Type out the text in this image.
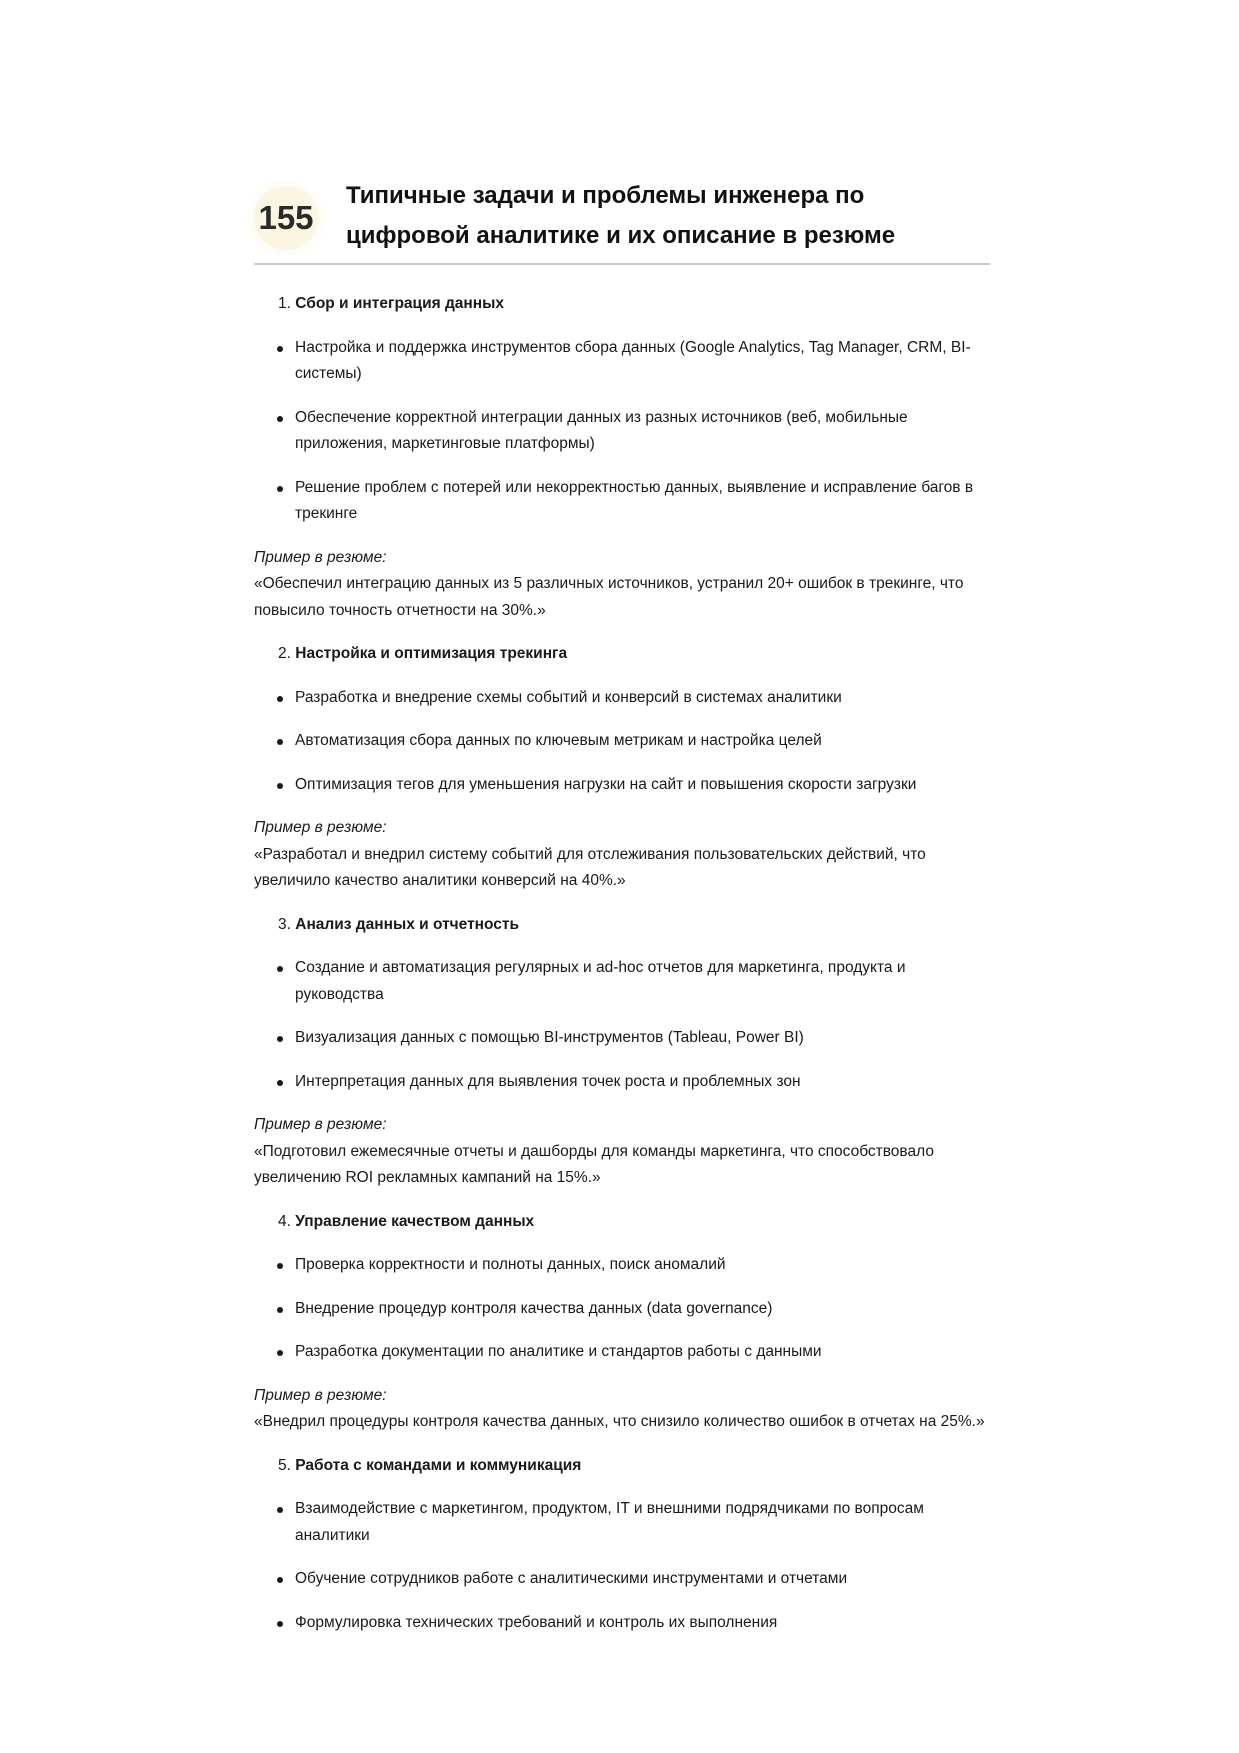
155
Типичные задачи и проблемы инженера по цифровой аналитике и их описание в резюме
1. Сбор и интеграция данных
Настройка и поддержка инструментов сбора данных (Google Analytics, Tag Manager, CRM, BI-системы)
Обеспечение корректной интеграции данных из разных источников (веб, мобильные приложения, маркетинговые платформы)
Решение проблем с потерей или некорректностью данных, выявление и исправление багов в трекинге
Пример в резюме:
«Обеспечил интеграцию данных из 5 различных источников, устранил 20+ ошибок в трекинге, что повысило точность отчетности на 30%.»
2. Настройка и оптимизация трекинга
Разработка и внедрение схемы событий и конверсий в системах аналитики
Автоматизация сбора данных по ключевым метрикам и настройка целей
Оптимизация тегов для уменьшения нагрузки на сайт и повышения скорости загрузки
Пример в резюме:
«Разработал и внедрил систему событий для отслеживания пользовательских действий, что увеличило качество аналитики конверсий на 40%.»
3. Анализ данных и отчетность
Создание и автоматизация регулярных и ad-hoc отчетов для маркетинга, продукта и руководства
Визуализация данных с помощью BI-инструментов (Tableau, Power BI)
Интерпретация данных для выявления точек роста и проблемных зон
Пример в резюме:
«Подготовил ежемесячные отчеты и дашборды для команды маркетинга, что способствовало увеличению ROI рекламных кампаний на 15%.»
4. Управление качеством данных
Проверка корректности и полноты данных, поиск аномалий
Внедрение процедур контроля качества данных (data governance)
Разработка документации по аналитике и стандартов работы с данными
Пример в резюме:
«Внедрил процедуры контроля качества данных, что снизило количество ошибок в отчетах на 25%.»
5. Работа с командами и коммуникация
Взаимодействие с маркетингом, продуктом, IT и внешними подрядчиками по вопросам аналитики
Обучение сотрудников работе с аналитическими инструментами и отчетами
Формулировка технических требований и контроль их выполнения
